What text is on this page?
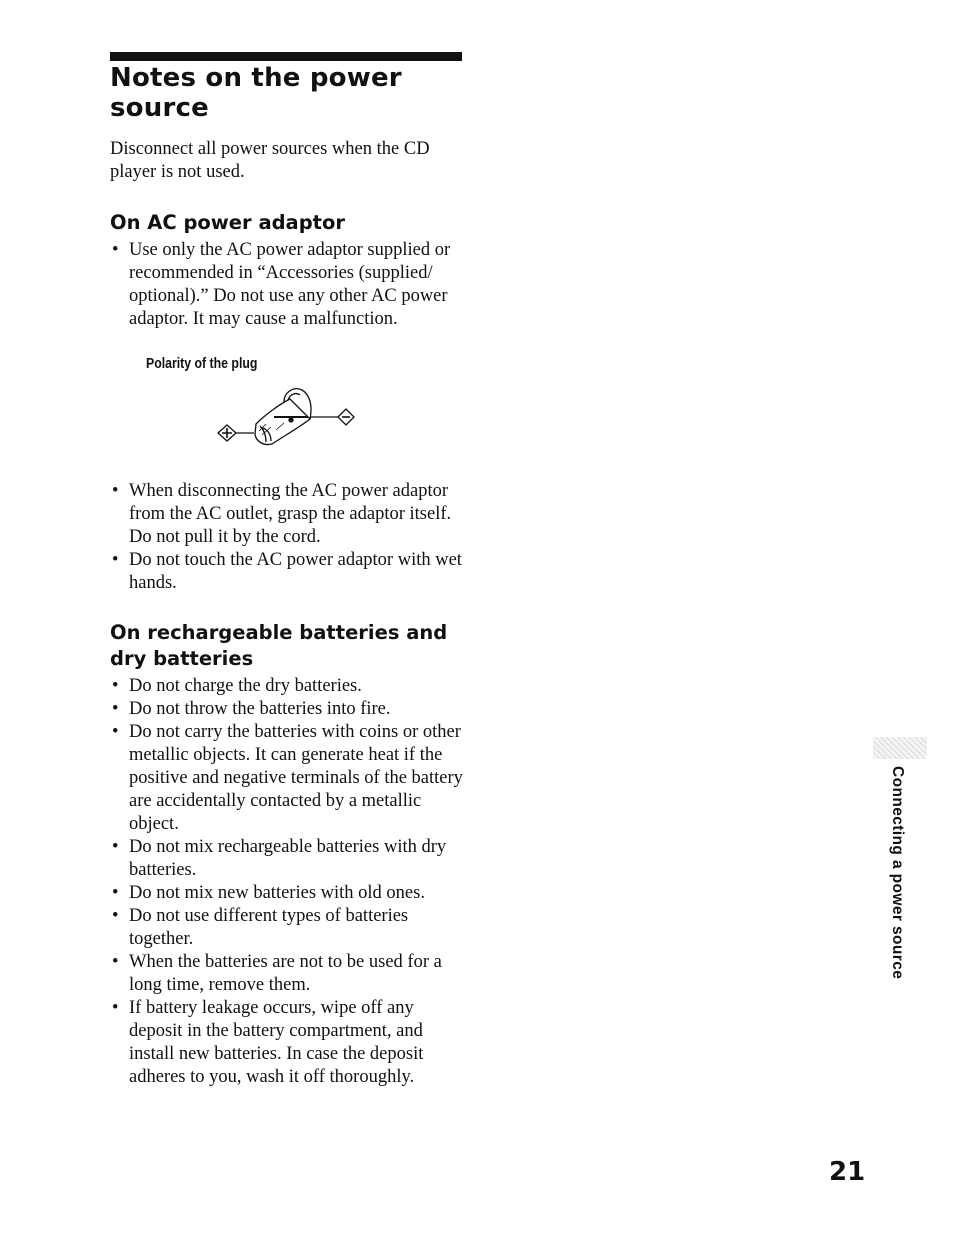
Notes on the power source

Disconnect all power sources when the CD player is not used.

On AC power adaptor
• Use only the AC power adaptor supplied or recommended in “Accessories (supplied/ optional).” Do not use any other AC power adaptor. It may cause a malfunction.

Polarity of the plug

• When disconnecting the AC power adaptor from the AC outlet, grasp the adaptor itself. Do not pull it by the cord.
• Do not touch the AC power adaptor with wet hands.
On rechargeable batteries and dry batteries
• Do not charge the dry batteries.
• Do not throw the batteries into fire.
• Do not carry the batteries with coins or other metallic objects. It can generate heat if the positive and negative terminals of the battery are accidentally contacted by a metallic object.
• Do not mix rechargeable batteries with dry batteries.
• Do not mix new batteries with old ones.
• Do not use different types of batteries together.
• When the batteries are not to be used for a long time, remove them.
• If battery leakage occurs, wipe off any deposit in the battery compartment, and install new batteries. In case the deposit adheres to you, wash it off thoroughly.
Connecting a power source

21
